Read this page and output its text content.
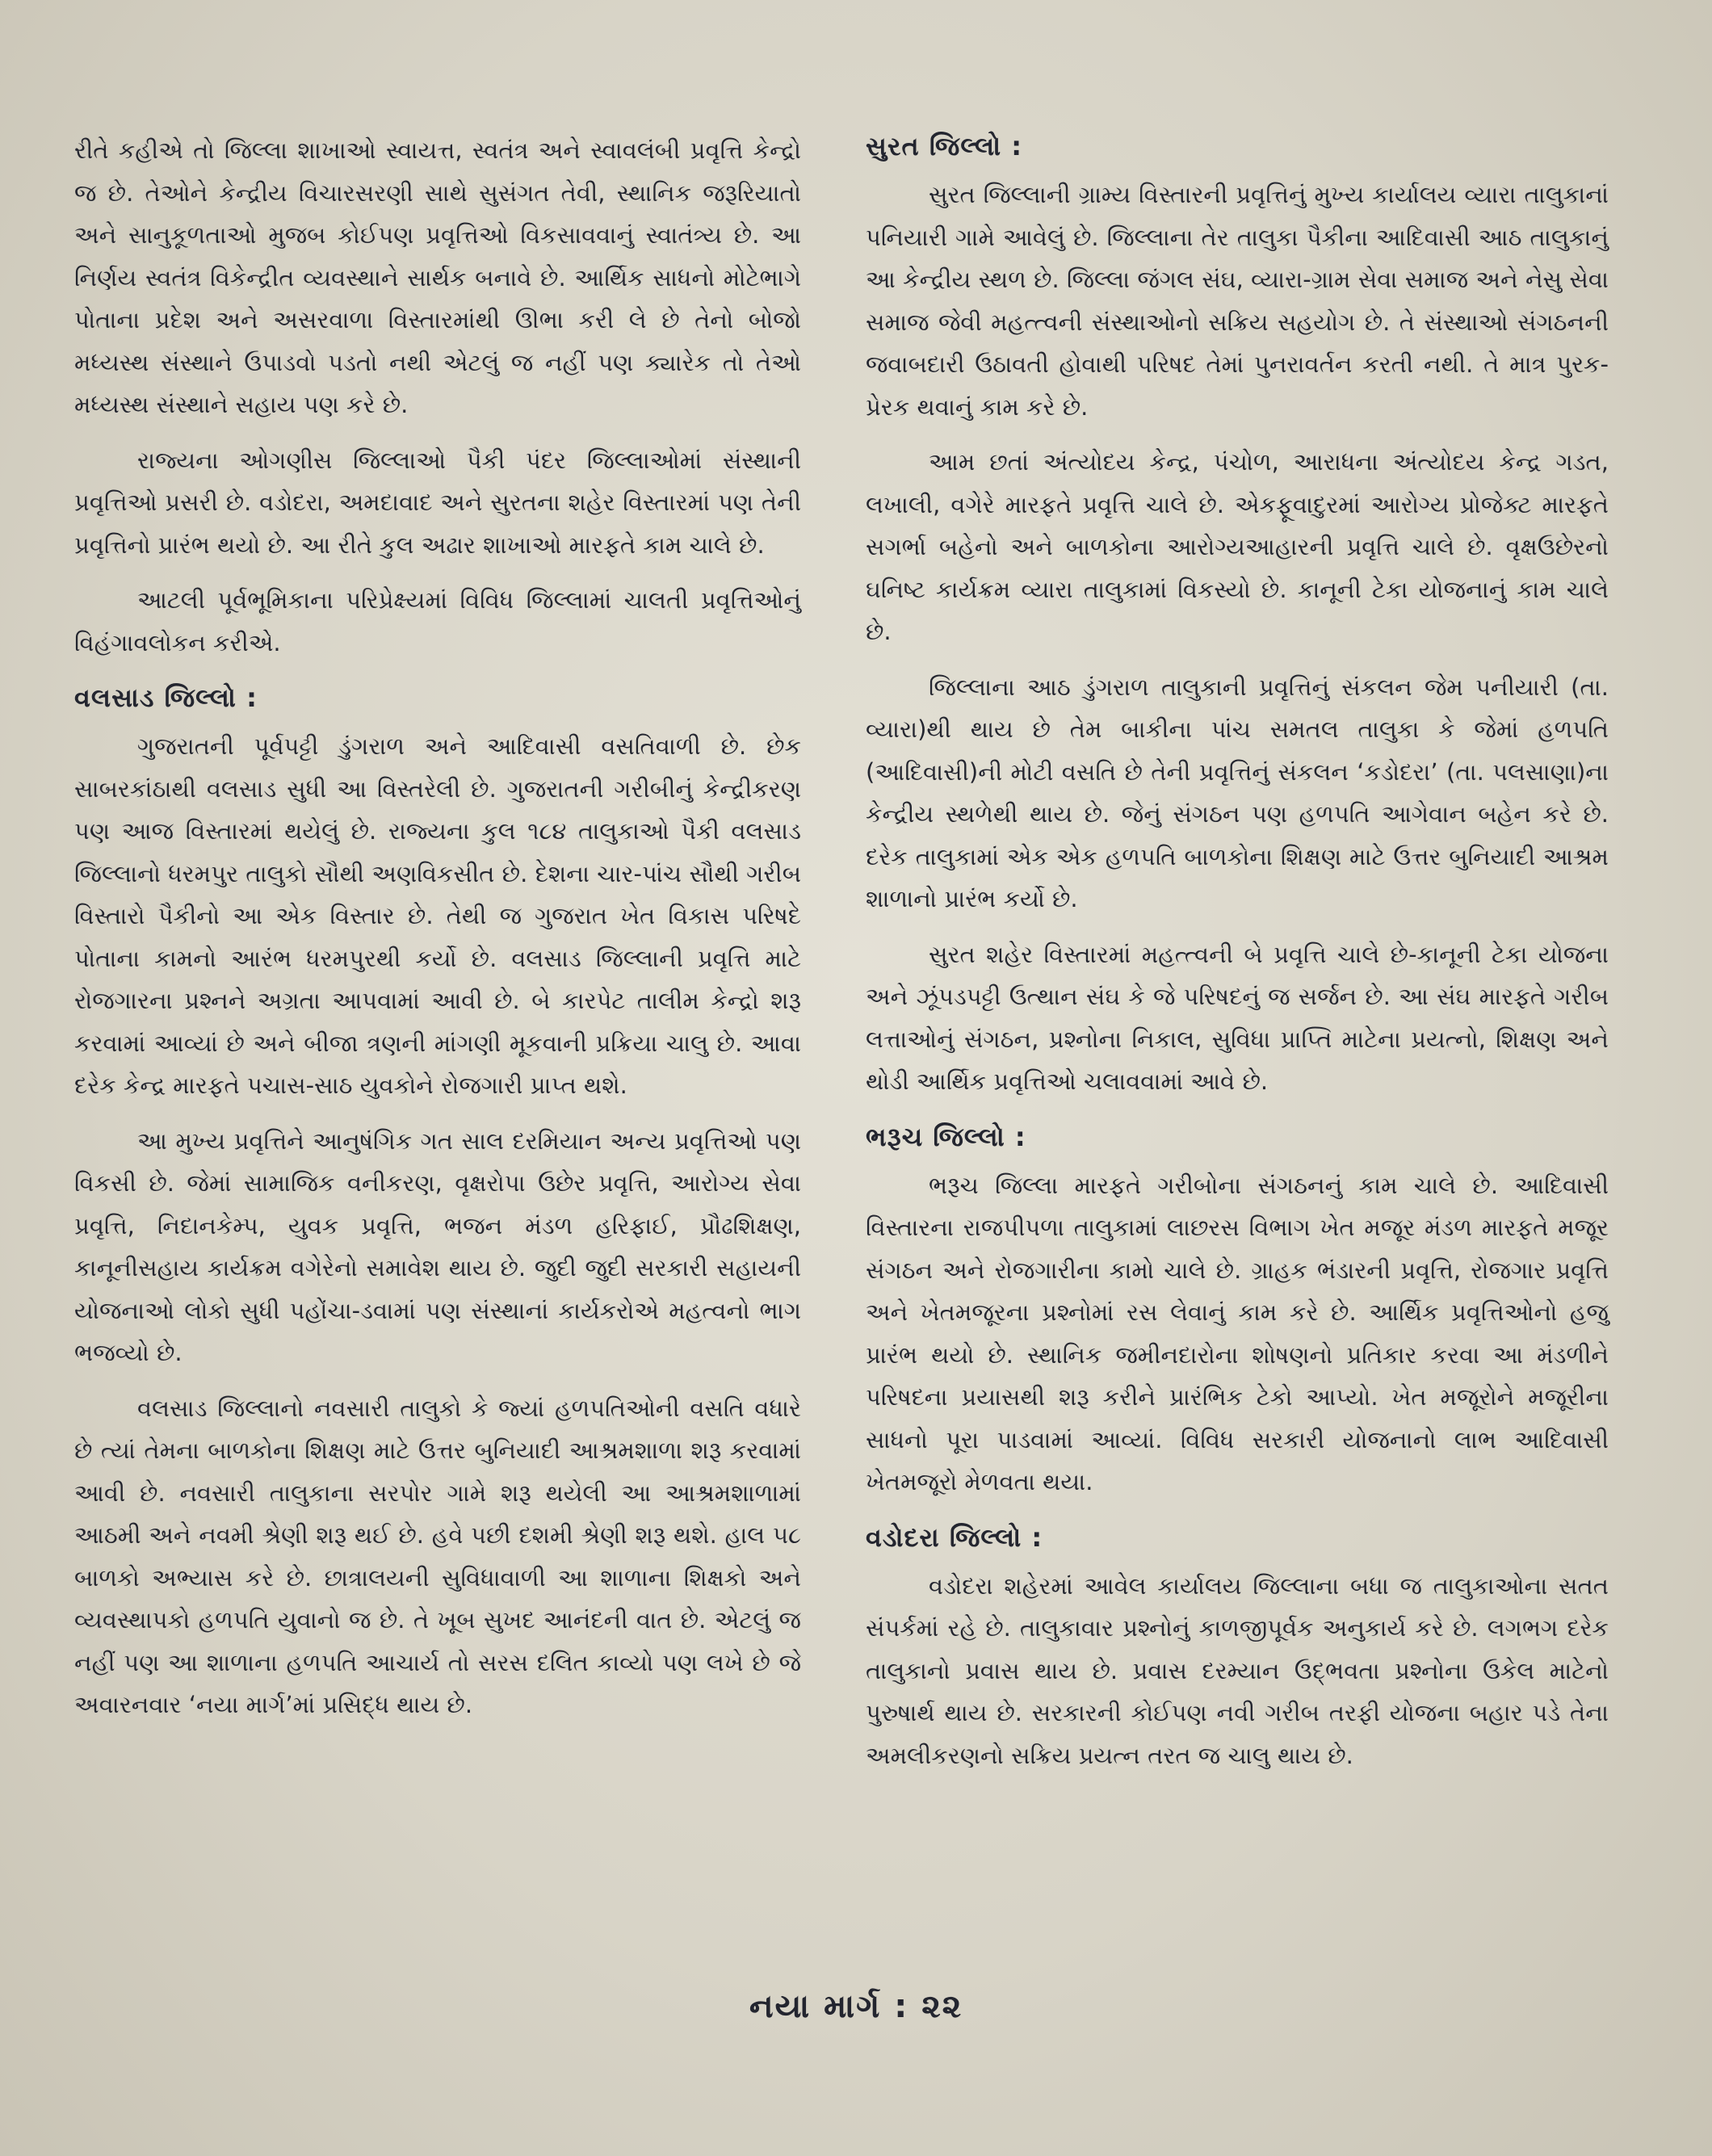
રીતે કહીએ તો જિલ્લા શાખાઓ સ્વાયત્ત, સ્વતંત્ર અને સ્વાવલંબી પ્રવૃત્તિ કેન્દ્રો જ છે. તેઓને કેન્દ્રીય વિચારસરણી સાથે સુસંગત તેવી, સ્થાનિક જરૂરિયાતો અને સાનુકૂળતાઓ મુજબ કોઈપણ પ્રવૃત્તિઓ વિકસાવવાનું સ્વાતંત્ર્ય છે. આ નિર્ણય સ્વતંત્ર વિકેન્દ્રીત વ્યવસ્થાને સાર્થક બનાવે છે. આર્થિક સાધનો મોટેભાગે પોતાના પ્રદેશ અને અસરવાળા વિસ્તારમાંથી ઊભા કરી લે છે તેનો બોજો મધ્યસ્થ સંસ્થાને ઉપાડવો પડતો નથી એટલું જ નહીં પણ ક્યારેક તો તેઓ મધ્યસ્થ સંસ્થાને સહાય પણ કરે છે.

રાજ્યના ઓગણીસ જિલ્લાઓ પૈકી પંદર જિલ્લાઓમાં સંસ્થાની પ્રવૃત્તિઓ પ્રસરી છે. વડોદરા, અમદાવાદ અને સુરતના શહેર વિસ્તારમાં પણ તેની પ્રવૃત્તિનો પ્રારંભ થયો છે. આ રીતે કુલ અઢાર શાખાઓ મારફતે કામ ચાલે છે.

આટલી પૂર્વભૂમિકાના પરિપ્રેક્ષ્યમાં વિવિધ જિલ્લામાં ચાલતી પ્રવૃત્તિઓનું વિહંગાવલોકન કરીએ.

વલસાડ જિલ્લો :

ગુજરાતની પૂર્વપટ્ટી ડુંગરાળ અને આદિવાસી વસતિવાળી છે. છેક સાબરકાંઠાથી વલસાડ સુધી આ વિસ્તરેલી છે. ગુજરાતની ગરીબીનું કેન્દ્રીકરણ પણ આજ વિસ્તારમાં થયેલું છે. રાજ્યના કુલ ૧૮૪ તાલુકાઓ પૈકી વલસાડ જિલ્લાનો ધરમપુર તાલુકો સૌથી અણવિકસીત છે. દેશના ચાર-પાંચ સૌથી ગરીબ વિસ્તારો પૈકીનો આ એક વિસ્તાર છે. તેથી જ ગુજરાત ખેત વિકાસ પરિષદે પોતાના કામનો આરંભ ધરમપુરથી કર્યો છે. વલસાડ જિલ્લાની પ્રવૃત્તિ માટે રોજગારના પ્રશ્નને અગ્રતા આપવામાં આવી છે. બે કારપેટ તાલીમ કેન્દ્રો શરૂ કરવામાં આવ્યાં છે અને બીજા ત્રણની માંગણી મૂકવાની પ્રક્રિયા ચાલુ છે. આવા દરેક કેન્દ્ર મારફતે પચાસ-સાઠ યુવકોને રોજગારી પ્રાપ્ત થશે.

આ મુખ્ય પ્રવૃત્તિને આનુષંગિક ગત સાલ દરમિયાન અન્ય પ્રવૃત્તિઓ પણ વિકસી છે. જેમાં સામાજિક વનીકરણ, વૃક્ષરોપા ઉછેર પ્રવૃત્તિ, આરોગ્ય સેવા પ્રવૃત્તિ, નિદાનકેમ્પ, યુવક પ્રવૃત્તિ, ભજન મંડળ હરિફાઈ, પ્રૌઢશિક્ષણ, કાનૂનીસહાય કાર્યક્રમ વગેરેનો સમાવેશ થાય છે. જુદી જુદી સરકારી સહાયની યોજનાઓ લોકો સુધી પહોંચા-ડવામાં પણ સંસ્થાનાં કાર્યકરોએ મહત્વનો ભાગ ભજવ્યો છે.

વલસાડ જિલ્લાનો નવસારી તાલુકો કે જ્યાં હળપતિઓની વસતિ વધારે છે ત્યાં તેમના બાળકોના શિક્ષણ માટે ઉત્તર બુનિયાદી આશ્રમશાળા શરૂ કરવામાં આવી છે. નવસારી તાલુકાના સરપોર ગામે શરૂ થયેલી આ આશ્રમશાળામાં આઠમી અને નવમી શ્રેણી શરૂ થઈ છે. હવે પછી દશમી શ્રેણી શરૂ થશે. હાલ ૫૮ બાળકો અભ્યાસ કરે છે. છાત્રાલયની સુવિધાવાળી આ શાળાના શિક્ષકો અને વ્યવસ્થાપકો હળપતિ યુવાનો જ છે. તે ખૂબ સુખદ આનંદની વાત છે. એટલું જ નહીં પણ આ શાળાના હળપતિ આચાર્ય તો સરસ દલિત કાવ્યો પણ લખે છે જે અવારનવાર ‘નયા માર્ગ’માં પ્રસિદ્ધ થાય છે.

સુરત જિલ્લો :

સુરત જિલ્લાની ગ્રામ્ય વિસ્તારની પ્રવૃત્તિનું મુખ્ય કાર્યાલય વ્યારા તાલુકાનાં પનિયારી ગામે આવેલું છે. જિલ્લાના તેર તાલુકા પૈકીના આદિવાસી આઠ તાલુકાનું આ કેન્દ્રીય સ્થળ છે. જિલ્લા જંગલ સંઘ, વ્યારા-ગ્રામ સેવા સમાજ અને નેસુ સેવા સમાજ જેવી મહત્ત્વની સંસ્થાઓનો સક્રિય સહયોગ છે. તે સંસ્થાઓ સંગઠનની જવાબદારી ઉઠાવતી હોવાથી પરિષદ તેમાં પુનરાવર્તન કરતી નથી. તે માત્ર પુરક-પ્રેરક થવાનું કામ કરે છે.

આમ છતાં અંત્યોદય કેન્દ્ર, પંચોળ, આરાધના અંત્યોદય કેન્દ્ર ગડત, લખાલી, વગેરે મારફતે પ્રવૃત્તિ ચાલે છે. એકફૂવાદુરમાં આરોગ્ય પ્રોજેક્ટ મારફતે સગર્ભા બહેનો અને બાળકોના આરોગ્યઆહારની પ્રવૃત્તિ ચાલે છે. વૃક્ષઉછેરનો ઘનિષ્ટ કાર્યક્રમ વ્યારા તાલુકામાં વિકસ્યો છે. કાનૂની ટેકા યોજનાનું કામ ચાલે છે.

જિલ્લાના આઠ ડુંગરાળ તાલુકાની પ્રવૃત્તિનું સંકલન જેમ પનીયારી (તા. વ્યારા)થી થાય છે તેમ બાકીના પાંચ સમતલ તાલુકા કે જેમાં હળપતિ (આદિવાસી)ની મોટી વસતિ છે તેની પ્રવૃત્તિનું સંકલન ‘કડોદરા’ (તા. પલસાણા)ના કેન્દ્રીય સ્થળેથી થાય છે. જેનું સંગઠન પણ હળપતિ આગેવાન બહેન કરે છે. દરેક તાલુકામાં એક એક હળપતિ બાળકોના શિક્ષણ માટે ઉત્તર બુનિયાદી આશ્રમ શાળાનો પ્રારંભ કર્યો છે.

સુરત શહેર વિસ્તારમાં મહત્ત્વની બે પ્રવૃત્તિ ચાલે છે-કાનૂની ટેકા યોજના અને ઝૂંપડપટ્ટી ઉત્થાન સંઘ કે જે પરિષદનું જ સર્જન છે. આ સંઘ મારફતે ગરીબ લત્તાઓનું સંગઠન, પ્રશ્નોના નિકાલ, સુવિધા પ્રાપ્તિ માટેના પ્રયત્નો, શિક્ષણ અને થોડી આર્થિક પ્રવૃત્તિઓ ચલાવવામાં આવે છે.

ભરૂચ જિલ્લો :

ભરૂચ જિલ્લા મારફતે ગરીબોના સંગઠનનું કામ ચાલે છે. આદિવાસી વિસ્તારના રાજપીપળા તાલુકામાં લાછરસ વિભાગ ખેત મજૂર મંડળ મારફતે મજૂર સંગઠન અને રોજગારીના કામો ચાલે છે. ગ્રાહક ભંડારની પ્રવૃત્તિ, રોજગાર પ્રવૃત્તિ અને ખેતમજૂરના પ્રશ્નોમાં રસ લેવાનું કામ કરે છે. આર્થિક પ્રવૃત્તિઓનો હજુ પ્રારંભ થયો છે. સ્થાનિક જમીનદારોના શોષણનો પ્રતિકાર કરવા આ મંડળીને પરિષદના પ્રયાસથી શરૂ કરીને પ્રારંભિક ટેકો આપ્યો. ખેત મજૂરોને મજૂરીના સાધનો પૂરા પાડવામાં આવ્યાં. વિવિધ સરકારી યોજનાનો લાભ આદિવાસી ખેતમજૂરો મેળવતા થયા.

વડોદરા જિલ્લો :

વડોદરા શહેરમાં આવેલ કાર્યાલય જિલ્લાના બધા જ તાલુકાઓના સતત સંપર્કમાં રહે છે. તાલુકાવાર પ્રશ્નોનું કાળજીપૂર્વક અનુકાર્ય કરે છે. લગભગ દરેક તાલુકાનો પ્રવાસ થાય છે. પ્રવાસ દરમ્યાન ઉદ્ભવતા પ્રશ્નોના ઉકેલ માટેનો પુરુષાર્થ થાય છે. સરકારની કોઈપણ નવી ગરીબ તરફી યોજના બહાર પડે તેના અમલીકરણનો સક્રિય પ્રયત્ન તરત જ ચાલુ થાય છે.

નયા માર્ગ : ૨૨
